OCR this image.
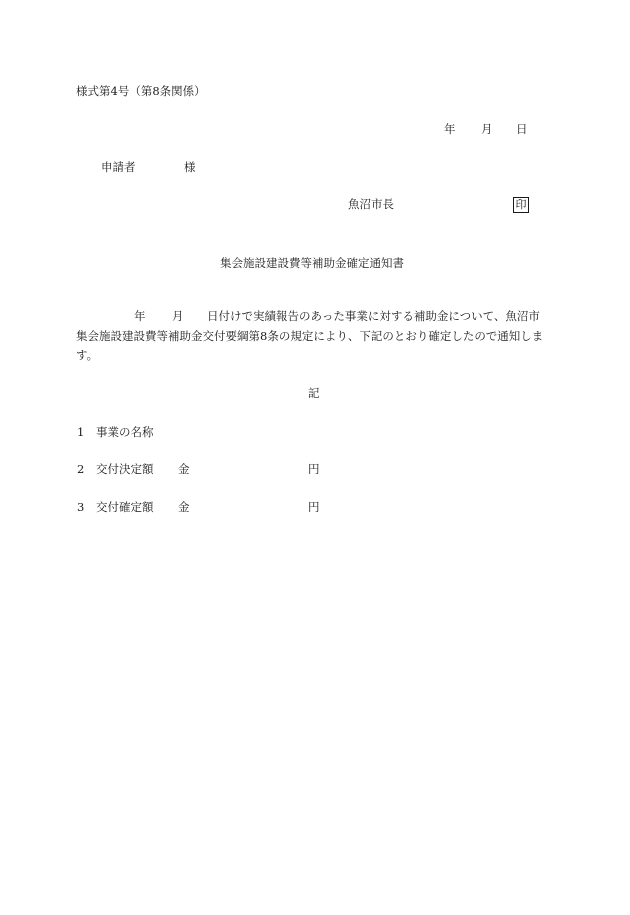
様式第4号（第8条関係）
年 月 日
申請者	様
魚沼市長	印
集会施設建設費等補助金確定通知書
年 月 日付けで実績報告のあった事業に対する補助金について、魚沼市
集会施設建設費等補助金交付要綱第8条の規定により、下記のとおり確定したので通知しま
す。
記
1 事業の名称
2 交付決定額 金	円
3 交付確定額 金	円
